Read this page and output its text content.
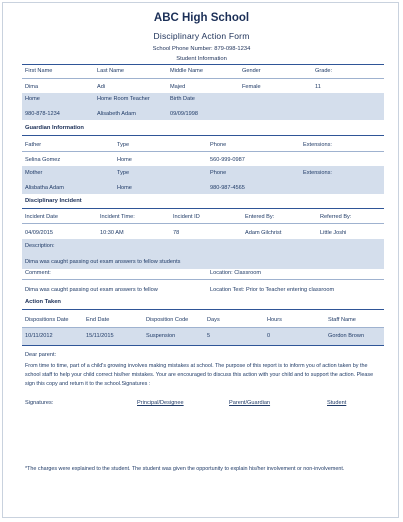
ABC High School
Disciplinary Action Form
School Phone Number: 879-098-1234
Student Information
First Name	Last Name	Middle Name	Gender	Grade:
Dima	Adi	Majed	Female	11
Home	Home Room Teacher	Birth Date
980-878-1234	Alisabeth Adam	09/09/1998
Guardian Information
Father	Type	Phone	Extensions:
Selina Gomez	Home	560-999-0987
Mother	Type	Phone	Extensions:
Alisbatha Adam	Home	980-987-4565
Disciplinary Incident
Incident Date	Incident Time:	Incident ID	Entered By:	Referred By:
04/09/2015	10:30 AM	78	Adam Gilchrist	Little Joshi
Description:
Dima was caught passing out exam answers to fellow students
Comment:	Location: Classroom
Dima was caught passing out exam answers to fellow	Location Text: Prior to Teacher entering classroom
Action Taken
Dispositions Date	End Date	Disposition Code	Days	Hours	Staff Name
10/11/2012	15/11/2015	Suspension	5	0	Gordon Brown
Dear parent:
From time to time, part of a child's growing involves making mistakes at school. The purpose of this report is to inform you of action taken by the school staff to help your child correct his/her mistakes. Your are encouraged to discuss this action with your child and to support the action. Please sign this copy and return it to the school.Signatures :
Signatures:	Principal/Designee	Parent/Guardian	Student
*The charges were explained to the student. The student was given the opportunity to explain his/her involvement or non-involvement.
